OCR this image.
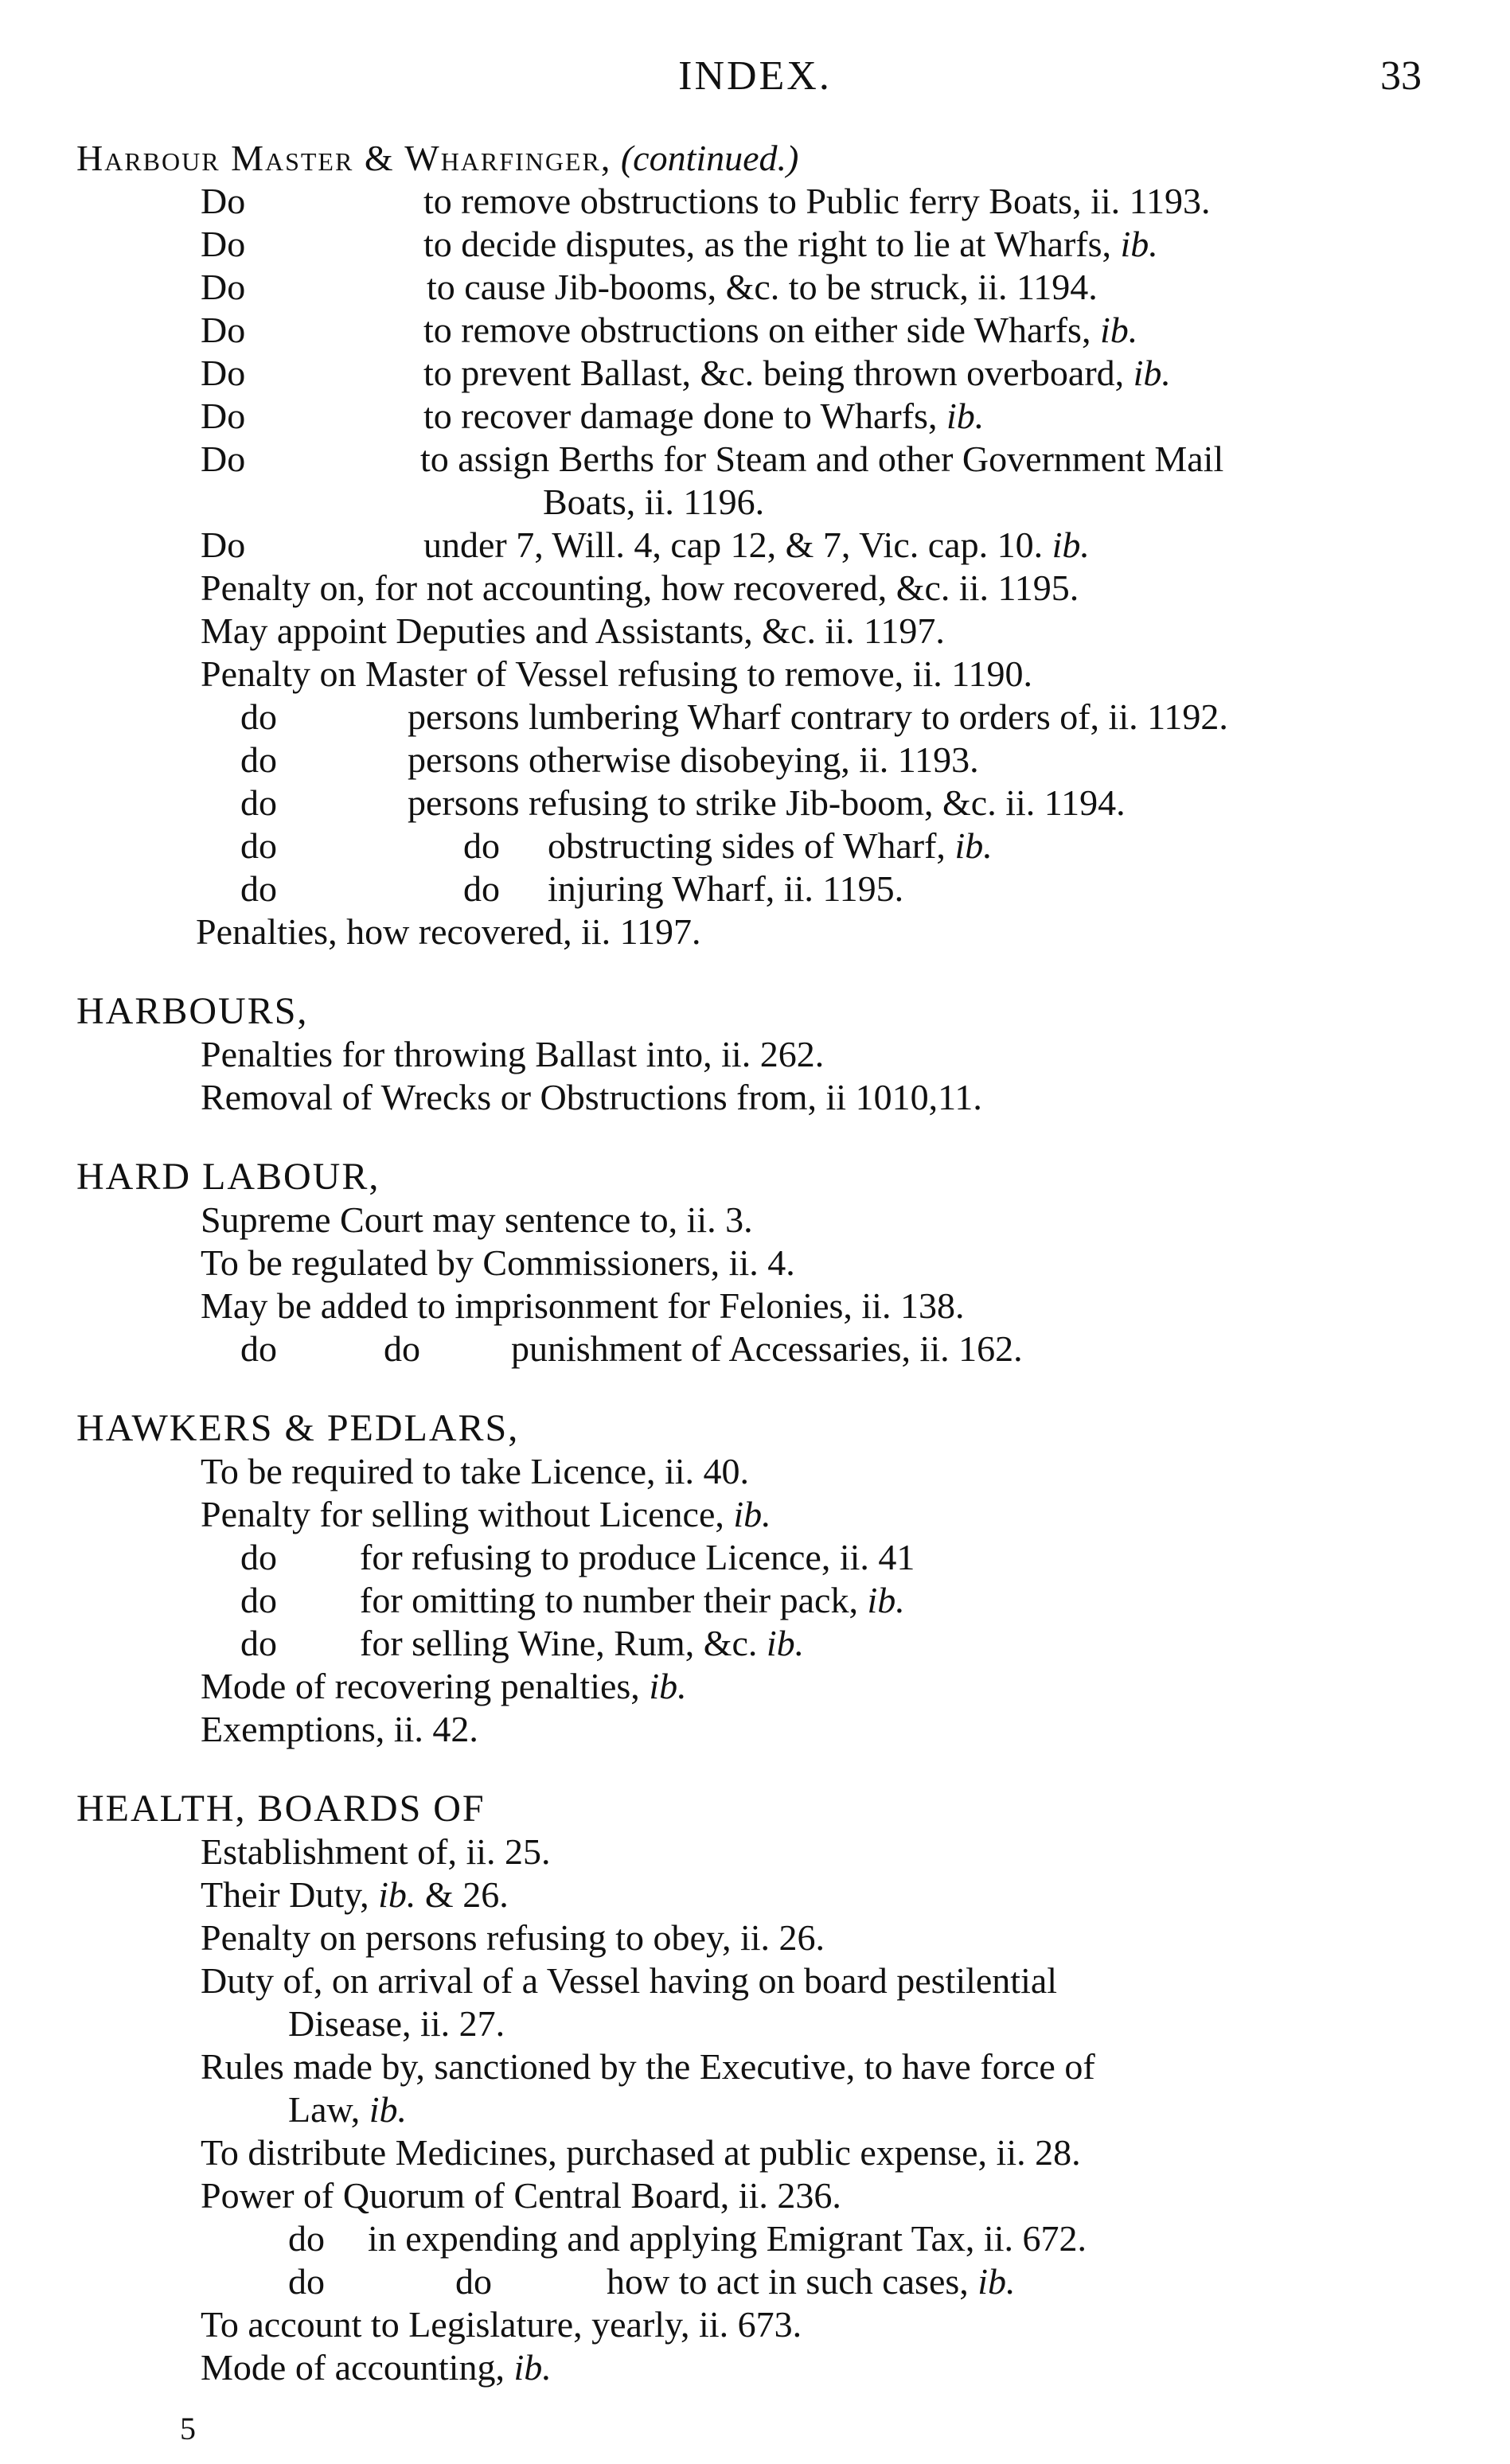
INDEX.	33
Harbour Master & Wharfinger, (continued.)
Do	to remove obstructions to Public ferry Boats, ii. 1193.
Do	to decide disputes, as the right to lie at Wharfs, ib.
Do	to cause Jib-booms, &c. to be struck, ii. 1194.
Do	to remove obstructions on either side Wharfs, ib.
Do	to prevent Ballast, &c. being thrown overboard, ib.
Do	to recover damage done to Wharfs, ib.
Do	to assign Berths for Steam and other Government Mail
Boats, ii. 1196.
Do	under 7, Will. 4, cap 12, & 7, Vic. cap. 10. ib.
Penalty on, for not accounting, how recovered, &c. ii. 1195.
May appoint Deputies and Assistants, &c. ii. 1197.
Penalty on Master of Vessel refusing to remove, ii. 1190.
do	persons lumbering Wharf contrary to orders of, ii. 1192.
do	persons otherwise disobeying, ii. 1193.
do	persons refusing to strike Jib-boom, &c. ii. 1194.
do	do obstructing sides of Wharf, ib.
do	do injuring Wharf, ii. 1195.
Penalties, how recovered, ii. 1197.
HARBOURS,
Penalties for throwing Ballast into, ii. 262.
Removal of Wrecks or Obstructions from, ii 1010,11.
HARD LABOUR,
Supreme Court may sentence to, ii. 3.
To be regulated by Commissioners, ii. 4.
May be added to imprisonment for Felonies, ii. 138.
do	do punishment of Accessaries, ii. 162.
HAWKERS & PEDLARS,
To be required to take Licence, ii. 40.
Penalty for selling without Licence, ib.
do for refusing to produce Licence, ii. 41
do for omitting to number their pack, ib.
do for selling Wine, Rum, &c. ib.
Mode of recovering penalties, ib.
Exemptions, ii. 42.
HEALTH, BOARDS OF
Establishment of, ii. 25.
Their Duty, ib. & 26.
Penalty on persons refusing to obey, ii. 26.
Duty of, on arrival of a Vessel having on board pestilential
Disease, ii. 27.
Rules made by, sanctioned by the Executive, to have force of
Law, ib.
To distribute Medicines, purchased at public expense, ii. 28.
Power of Quorum of Central Board, ii. 236.
do in expending and applying Emigrant Tax, ii. 672.
do	do	how to act in such cases, ib.
To account to Legislature, yearly, ii. 673.
Mode of accounting, ib.
5
